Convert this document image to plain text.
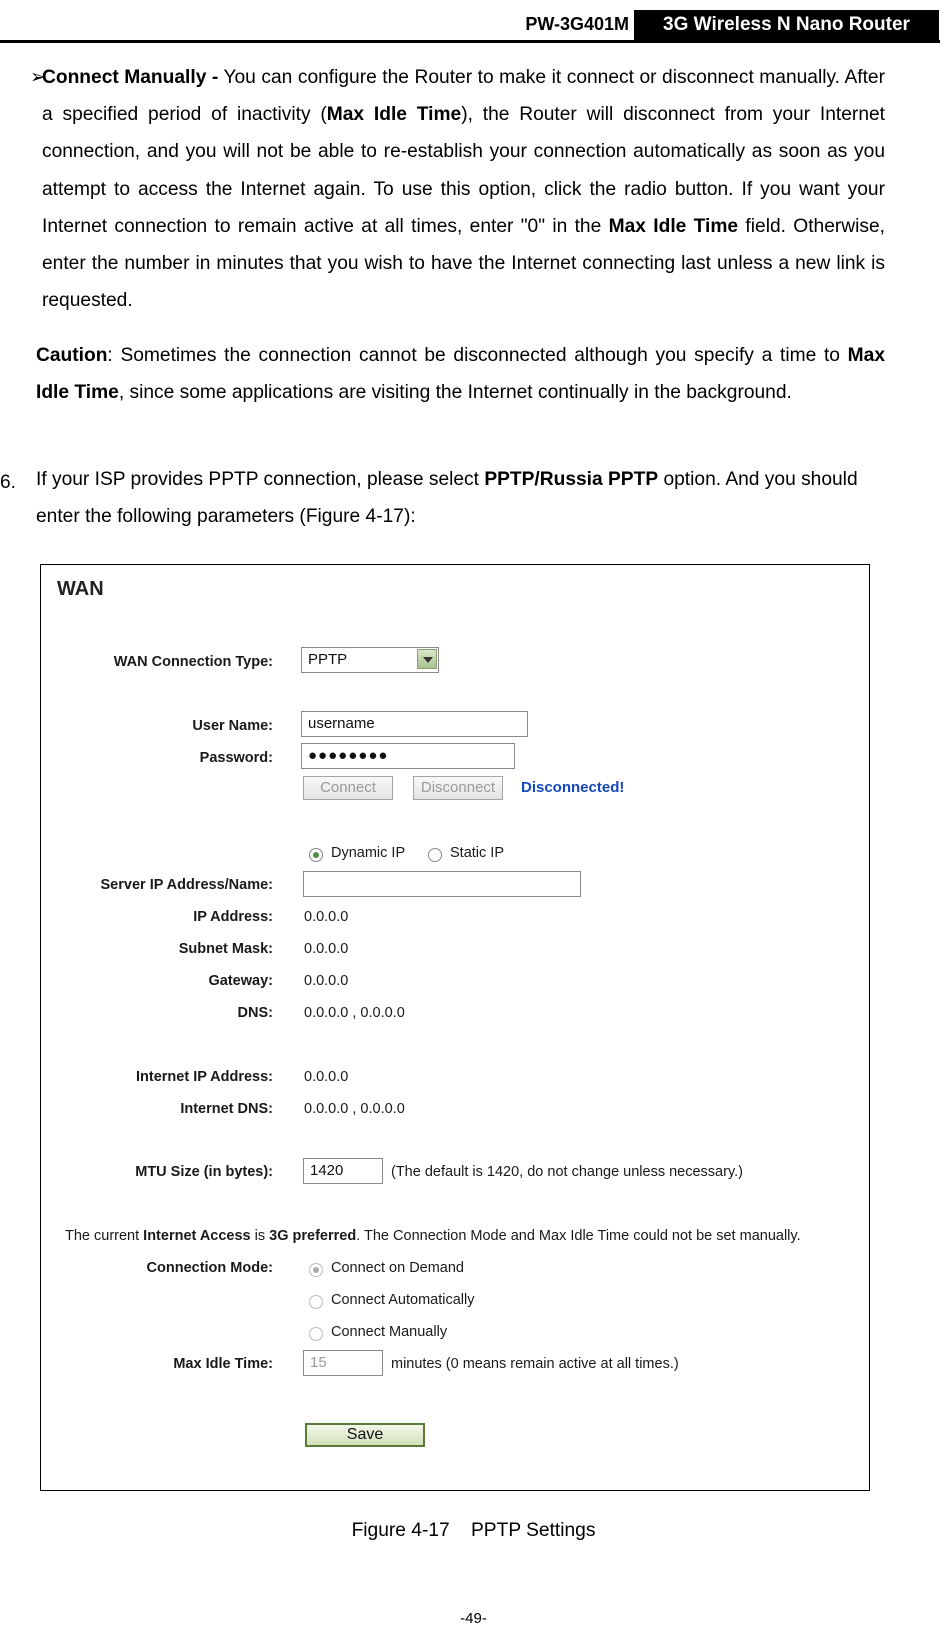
PW-3G401M	3G Wireless N Nano Router
➢
Connect Manually - You can configure the Router to make it connect or disconnect manually. After a specified period of inactivity (Max Idle Time), the Router will disconnect from your Internet connection, and you will not be able to re-establish your connection automatically as soon as you attempt to access the Internet again. To use this option, click the radio button. If you want your Internet connection to remain active at all times, enter "0" in the Max Idle Time field. Otherwise, enter the number in minutes that you wish to have the Internet connecting last unless a new link is requested.
Caution: Sometimes the connection cannot be disconnected although you specify a time to Max Idle Time, since some applications are visiting the Internet continually in the background.
6. If your ISP provides PPTP connection, please select PPTP/Russia PPTP option. And you should enter the following parameters (Figure 4-17):
WAN
WAN Connection Type:	PPTP
User Name:	username
Password:	●●●●●●●●
Connect	Disconnect	Disconnected!
Dynamic IP	Static IP
Server IP Address/Name:
IP Address: 0.0.0.0
Subnet Mask: 0.0.0.0
Gateway: 0.0.0.0
DNS: 0.0.0.0 , 0.0.0.0
Internet IP Address: 0.0.0.0
Internet DNS: 0.0.0.0 , 0.0.0.0
MTU Size (in bytes):	1420	(The default is 1420, do not change unless necessary.)
The current Internet Access is 3G preferred. The Connection Mode and Max Idle Time could not be set manually.
Connection Mode:	Connect on Demand
Connect Automatically
Connect Manually
Max Idle Time:	15	minutes (0 means remain active at all times.)
Save
Figure 4-17    PPTP Settings
-49-
